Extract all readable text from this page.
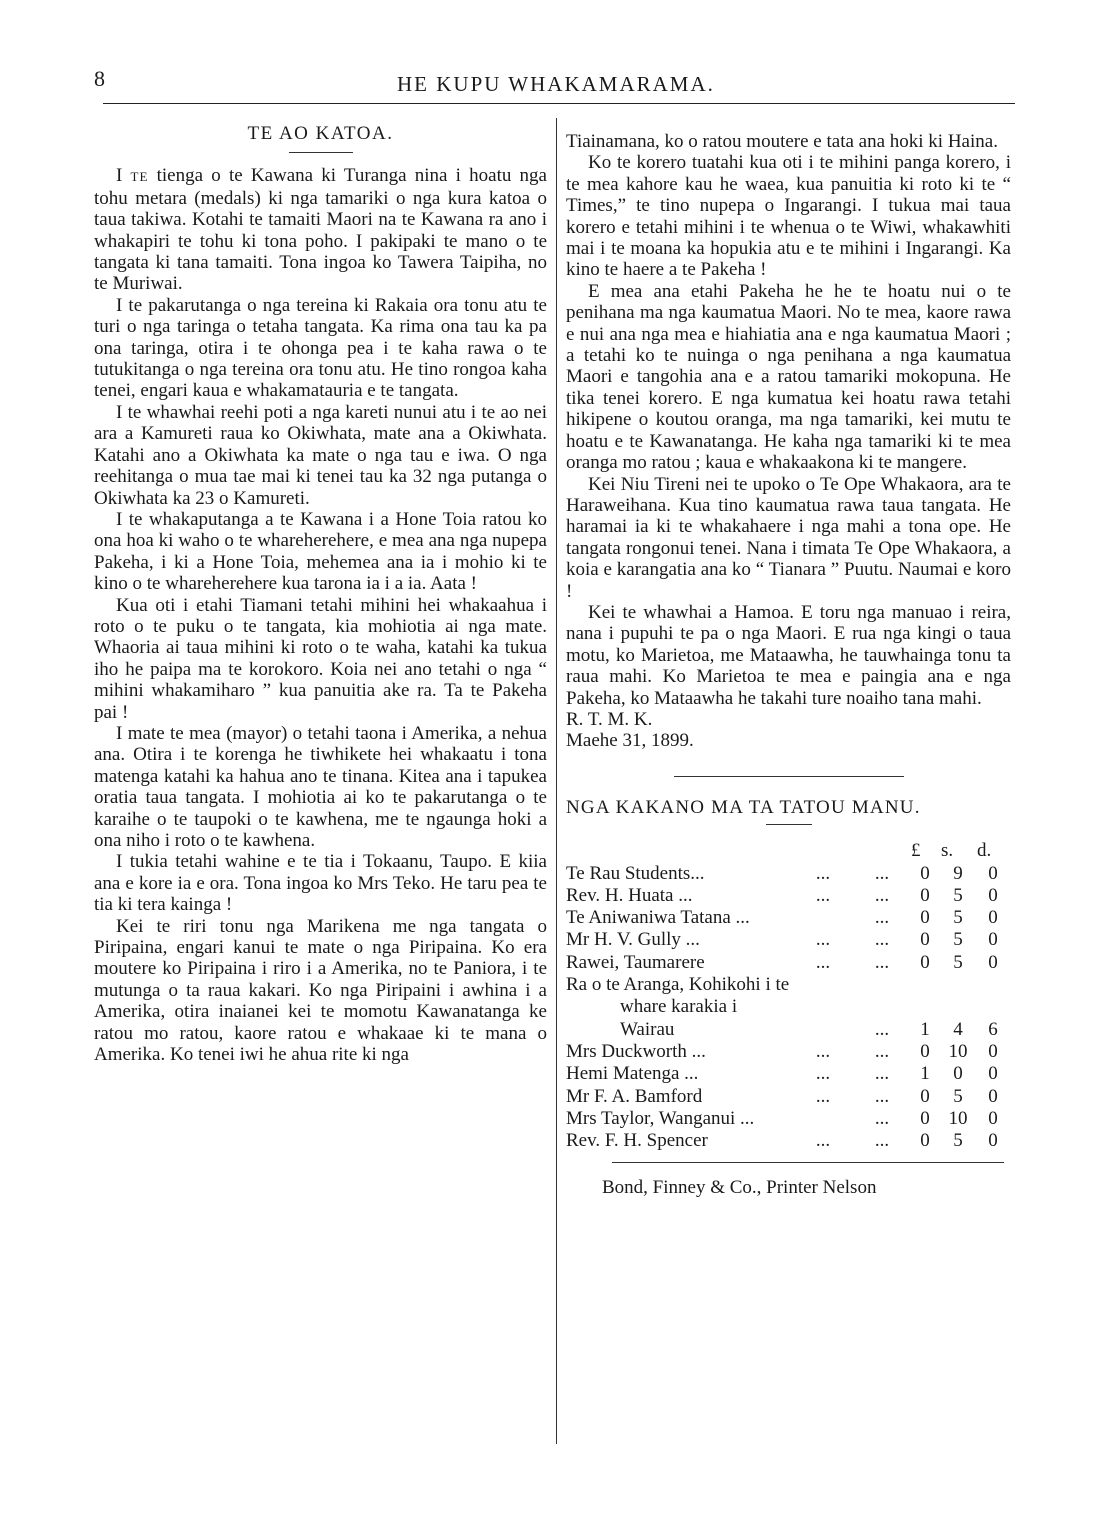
8	HE KUPU WHAKAMARAMA.
TE AO KATOA.

I TE tienga o te Kawana ki Turanga nina i hoatu nga tohu metara (medals) ki nga tamariki o nga kura katoa o taua takiwa. Kotahi te tamaiti Maori na te Kawana ra ano i whakapiri te tohu ki tona poho. I pakipaki te mano o te tangata ki tana tamaiti. Tona ingoa ko Tawera Taipiha, no te Muriwai.

I te pakarutanga o nga tereina ki Rakaia ora tonu atu te turi o nga taringa o tetaha tangata. Ka rima ona tau ka pa ona taringa, otira i te ohonga pea i te kaha rawa o te tutukitanga o nga tereina ora tonu atu. He tino rongoa kaha tenei, engari kaua e whakamatauria e te tangata.

I te whawhai reehi poti a nga kareti nunui atu i te ao nei ara a Kamureti raua ko Okiwhata, mate ana a Okiwhata. Katahi ano a Okiwhata ka mate o nga tau e iwa. O nga reehitanga o mua tae mai ki tenei tau ka 32 nga putanga o Okiwhata ka 23 o Kamureti.

I te whakaputanga a te Kawana i a Hone Toia ratou ko ona hoa ki waho o te whareherehere, e mea ana nga nupepa Pakeha, i ki a Hone Toia, mehemea ana ia i mohio ki te kino o te whareherehere kua tarona ia i a ia. Aata !

Kua oti i etahi Tiamani tetahi mihini hei whakaahua i roto o te puku o te tangata, kia mohiotia ai nga mate. Whaoria ai taua mihini ki roto o te waha, katahi ka tukua iho he paipa ma te korokoro. Koia nei ano tetahi o nga “ mihini whakamiharo ” kua panuitia ake ra. Ta te Pakeha pai !

I mate te mea (mayor) o tetahi taona i Amerika, a nehua ana. Otira i te korenga he tiwhikete hei whakaatu i tona matenga katahi ka hahua ano te tinana. Kitea ana i tapukea oratia taua tangata. I mohiotia ai ko te pakarutanga o te karaihe o te taupoki o te kawhena, me te ngaunga hoki a ona niho i roto o te kawhena.

I tukia tetahi wahine e te tia i Tokaanu, Taupo. E kiia ana e kore ia e ora. Tona ingoa ko Mrs Teko. He taru pea te tia ki tera kainga !

Kei te riri tonu nga Marikena me nga tangata o Piripaina, engari kanui te mate o nga Piripaina. Ko era moutere ko Piripaina i riro i a Amerika, no te Paniora, i te mutunga o ta raua kakari. Ko nga Piripaini i awhina i a Amerika, otira inaianei kei te momotu Kawanatanga ke ratou mo ratou, kaore ratou e whakaae ki te mana o Amerika. Ko tenei iwi he ahua rite ki nga

Tiainamana, ko o ratou moutere e tata ana hoki ki Haina.

Ko te korero tuatahi kua oti i te mihini panga korero, i te mea kahore kau he waea, kua panuitia ki roto ki te “ Times,” te tino nupepa o Ingarangi. I tukua mai taua korero e tetahi mihini i te whenua o te Wiwi, whakawhiti mai i te moana ka hopukia atu e te mihini i Ingarangi. Ka kino te haere a te Pakeha !

E mea ana etahi Pakeha he he te hoatu nui o te penihana ma nga kaumatua Maori. No te mea, kaore rawa e nui ana nga mea e hiahiatia ana e nga kaumatua Maori ; a tetahi ko te nuinga o nga penihana a nga kaumatua Maori e tangohia ana e a ratou tamariki mokopuna. He tika tenei korero. E nga kumatua kei hoatu rawa tetahi hikipene o koutou oranga, ma nga tamariki, kei mutu te hoatu e te Kawanatanga. He kaha nga tamariki ki te mea oranga mo ratou ; kaua e whakaakona ki te mangere.

Kei Niu Tireni nei te upoko o Te Ope Whakaora, ara te Haraweihana. Kua tino kaumatua rawa taua tangata. He haramai ia ki te whakahaere i nga mahi a tona ope. He tangata rongonui tenei. Nana i timata Te Ope Whakaora, a koia e karangatia ana ko “ Tianara ” Puutu. Naumai e koro !

Kei te whawhai a Hamoa. E toru nga manuao i reira, nana i pupuhi te pa o nga Maori. E rua nga kingi o taua motu, ko Marietoa, me Mataawha, he tauwhainga tonu ta raua mahi. Ko Marietoa te mea e paingia ana e nga Pakeha, ko Mataawha he takahi ture noaiho tana mahi.

R. T. M. K.

Maehe 31, 1899.

NGA KAKANO MA TA TATOU MANU.
			£	s.	d.
Te Rau Students...	...	...	0	9	0
Rev. H. Huata ...	...	...	0	5	0
Te Aniwaniwa Tatana ...		...	0	5	0
Mr H. V. Gully ...	...	...	0	5	0
Rawei, Taumarere	...	...	0	5	0
Ra o te Aranga, Kohikohi i te					
whare karakia i Wairau		...	1	4	6
Mrs Duckworth ...	...	...	0	10	0
Hemi Matenga ...	...	...	1	0	0
Mr F. A. Bamford	...	...	0	5	0
Mrs Taylor, Wanganui ...		...	0	10	0
Rev. F. H. Spencer	...	...	0	5	0
Bond, Finney & Co., Printer Nelson
